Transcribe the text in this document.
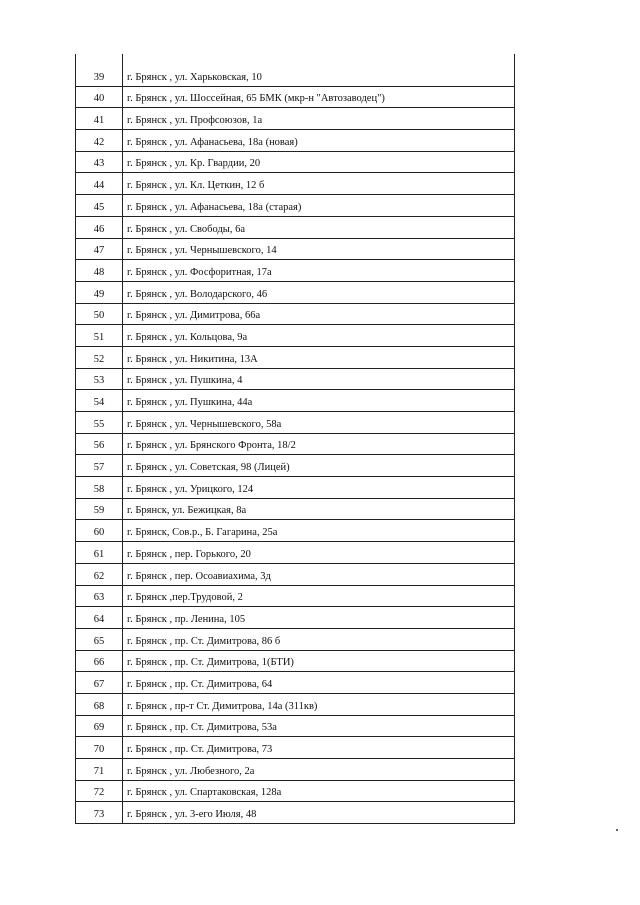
39	г. Брянск , ул. Харьковская, 10
40	г. Брянск , ул. Шоссейная, 65 БМК (мкр-н "Автозаводец")
41	г. Брянск , ул. Профсоюзов, 1а
42	г. Брянск , ул. Афанасьева, 18а (новая)
43	г. Брянск , ул. Кр. Гвардии, 20
44	г. Брянск , ул. Кл. Цеткин, 12 б
45	г. Брянск , ул. Афанасьева, 18а (старая)
46	г. Брянск , ул. Свободы, 6а
47	г. Брянск , ул. Чернышевского, 14
48	г. Брянск , ул. Фосфоритная, 17а
49	г. Брянск , ул. Володарского, 46
50	г. Брянск , ул. Димитрова, 66а
51	г. Брянск , ул. Кольцова, 9а
52	г. Брянск , ул. Никитина, 13А
53	г. Брянск , ул. Пушкина, 4
54	г. Брянск , ул. Пушкина, 44а
55	г. Брянск , ул. Чернышевского, 58а
56	г. Брянск , ул. Брянского Фронта, 18/2
57	г. Брянск , ул. Советская, 98 (Лицей)
58	г. Брянск , ул. Урицкого, 124
59	г. Брянск, ул. Бежицкая, 8а
60	г. Брянск, Сов.р., Б. Гагарина, 25а
61	г. Брянск , пер. Горького, 20
62	г. Брянск , пер. Осоавиахима, 3д
63	г. Брянск ,пер.Трудовой, 2
64	г. Брянск , пр. Ленина, 105
65	г. Брянск , пр. Ст. Димитрова, 86 б
66	г. Брянск , пр. Ст. Димитрова, 1(БТИ)
67	г. Брянск , пр. Ст. Димитрова, 64
68	г. Брянск , пр-т Ст. Димитрова, 14а (311кв)
69	г. Брянск , пр. Ст. Димитрова, 53а
70	г. Брянск , пр. Ст. Димитрова, 73
71	г. Брянск , ул. Любезного, 2а
72	г. Брянск , ул. Спартаковская, 128а
73	г. Брянск , ул. 3-его Июля, 48
